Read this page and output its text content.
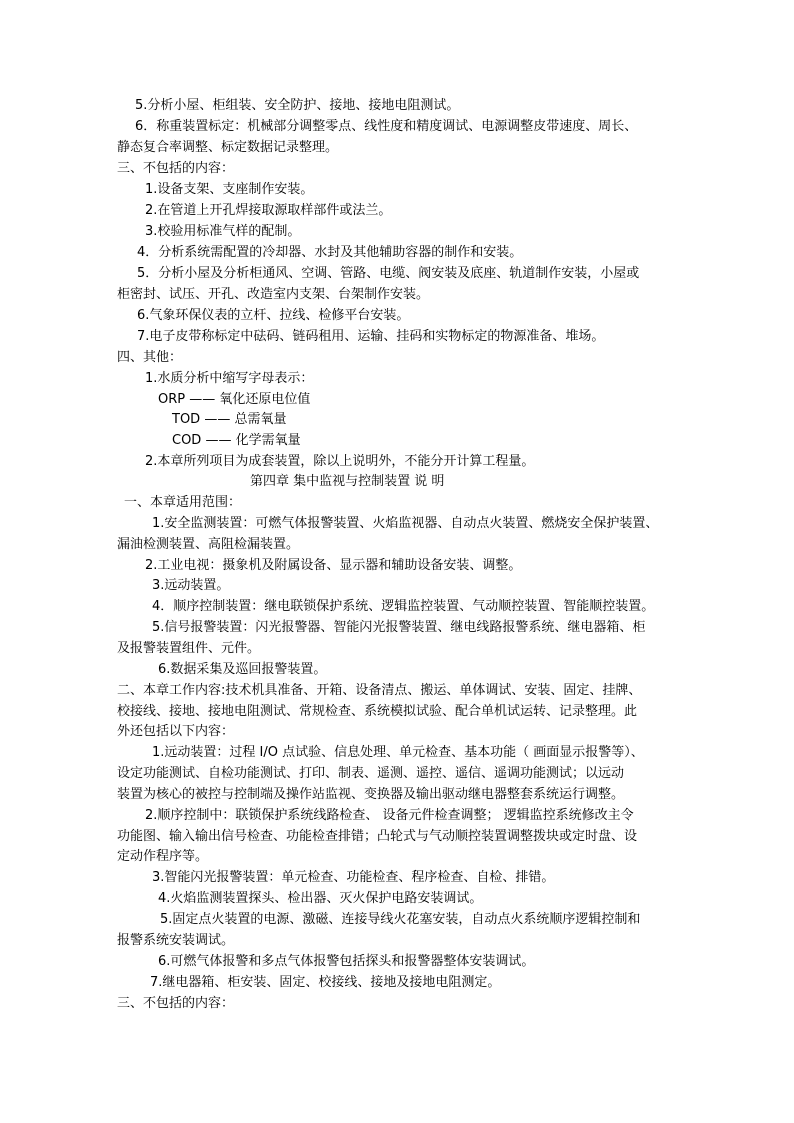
5.分析小屋、柜组装、安全防护、接地、接地电阻测试。
6．称重装置标定：机械部分调整零点、线性度和精度调试、电源调整皮带速度、周长、
静态复合率调整、标定数据记录整理。
三、不包括的内容：
1.设备支架、支座制作安装。
2.在管道上开孔焊接取源取样部件或法兰。
3.校验用标准气样的配制。
4．分析系统需配置的冷却器、水封及其他辅助容器的制作和安装。
5．分析小屋及分析柜通风、空调、管路、电缆、阀安装及底座、轨道制作安装，小屋或
柜密封、试压、开孔、改造室内支架、台架制作安装。
6.气象环保仪表的立杆、拉线、检修平台安装。
7.电子皮带称标定中砝码、链码租用、运输、挂码和实物标定的物源准备、堆场。
四、其他：
1.水质分析中缩写字母表示：
ORP —— 氧化还原电位值
TOD —— 总需氧量
COD —— 化学需氧量
2.本章所列项目为成套装置，除以上说明外，不能分开计算工程量。
第四章 集中监视与控制装置 说 明
一、本章适用范围：
1.安全监测装置：可燃气体报警装置、火焰监视器、自动点火装置、燃烧安全保护装置、
漏油检测装置、高阻检漏装置。
2.工业电视：摄象机及附属设备、显示器和辅助设备安装、调整。
3.远动装置。
4．顺序控制装置：继电联锁保护系统、逻辑监控装置、气动顺控装置、智能顺控装置。
5.信号报警装置：闪光报警器、智能闪光报警装置、继电线路报警系统、继电器箱、柜
及报警装置组件、元件。
6.数据采集及巡回报警装置。
二、本章工作内容:技术机具准备、开箱、设备清点、搬运、单体调试、安装、固定、挂牌、
校接线、接地、接地电阻测试、常规检查、系统模拟试验、配合单机试运转、记录整理。此
外还包括以下内容：
1.远动装置：过程 I/O 点试验、信息处理、单元检查、基本功能（ 画面显示报警等）、
设定功能测试、自检功能测试、打印、制表、遥测、遥控、遥信、遥调功能测试；以远动
装置为核心的被控与控制端及操作站监视、变换器及输出驱动继电器整套系统运行调整。
2.顺序控制中：联锁保护系统线路检查、 设备元件检查调整； 逻辑监控系统修改主令
功能图、输入输出信号检查、功能检查排错；凸轮式与气动顺控装置调整拨块或定时盘、设
定动作程序等。
3.智能闪光报警装置：单元检查、功能检查、程序检查、自检、排错。
4.火焰监测装置探头、检出器、灭火保护电路安装调试。
5.固定点火装置的电源、激磁、连接导线火花塞安装，自动点火系统顺序逻辑控制和
报警系统安装调试。
6.可燃气体报警和多点气体报警包括探头和报警器整体安装调试。
7.继电器箱、柜安装、固定、校接线、接地及接地电阻测定。
三、不包括的内容：
